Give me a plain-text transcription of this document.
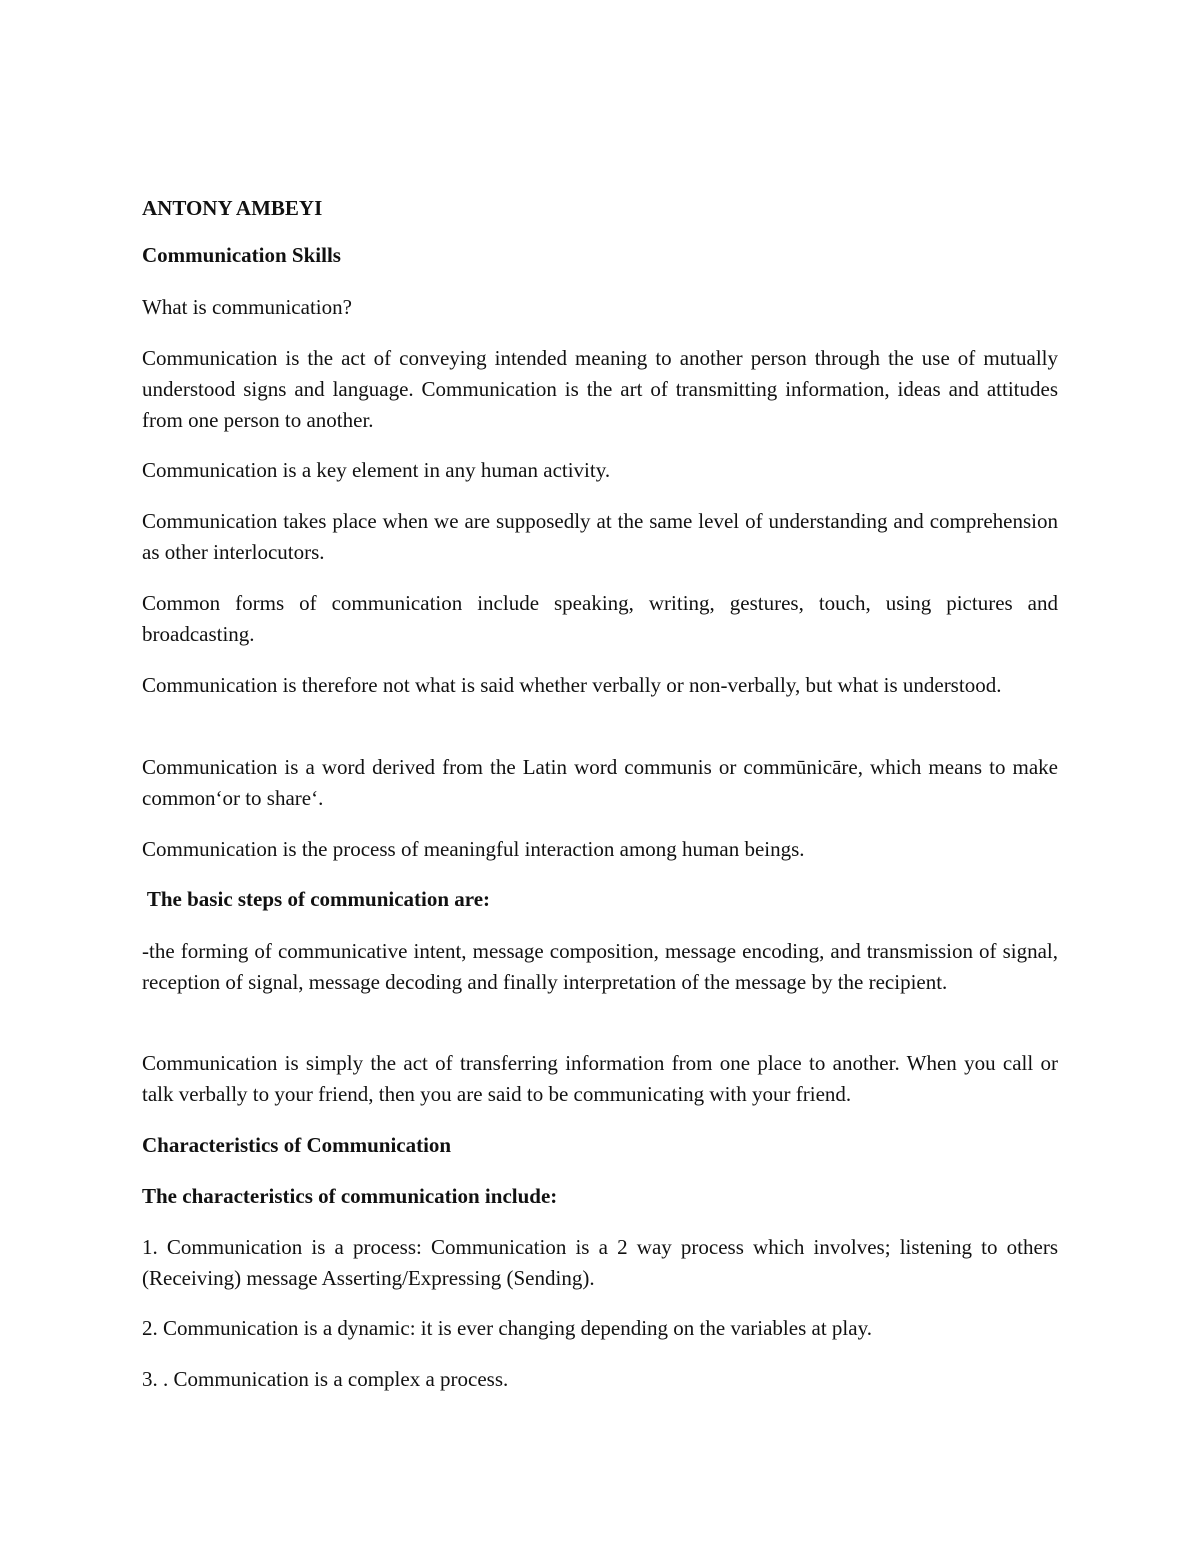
ANTONY AMBEYI

Communication Skills

What is communication?

Communication is the act of conveying intended meaning to another person through the use of mutually understood signs and language. Communication is the art of transmitting information, ideas and attitudes from one person to another.

Communication is a key element in any human activity.

Communication takes place when we are supposedly at the same level of understanding and comprehension as other interlocutors.

Common forms of communication include speaking, writing, gestures, touch, using pictures and broadcasting.

Communication is therefore not what is said whether verbally or non-verbally, but what is understood.

Communication is a word derived from the Latin word communis or commūnicāre, which means to make common‘or to share‘.

Communication is the process of meaningful interaction among human beings.

The basic steps of communication are:

-the forming of communicative intent, message composition, message encoding, and transmission of signal, reception of signal, message decoding and finally interpretation of the message by the recipient.

Communication is simply the act of transferring information from one place to another. When you call or talk verbally to your friend, then you are said to be communicating with your friend.

Characteristics of Communication

The characteristics of communication include:

1. Communication is a process: Communication is a 2 way process which involves; listening to others (Receiving) message Asserting/Expressing (Sending).

2. Communication is a dynamic: it is ever changing depending on the variables at play.

3. . Communication is a complex a process.
